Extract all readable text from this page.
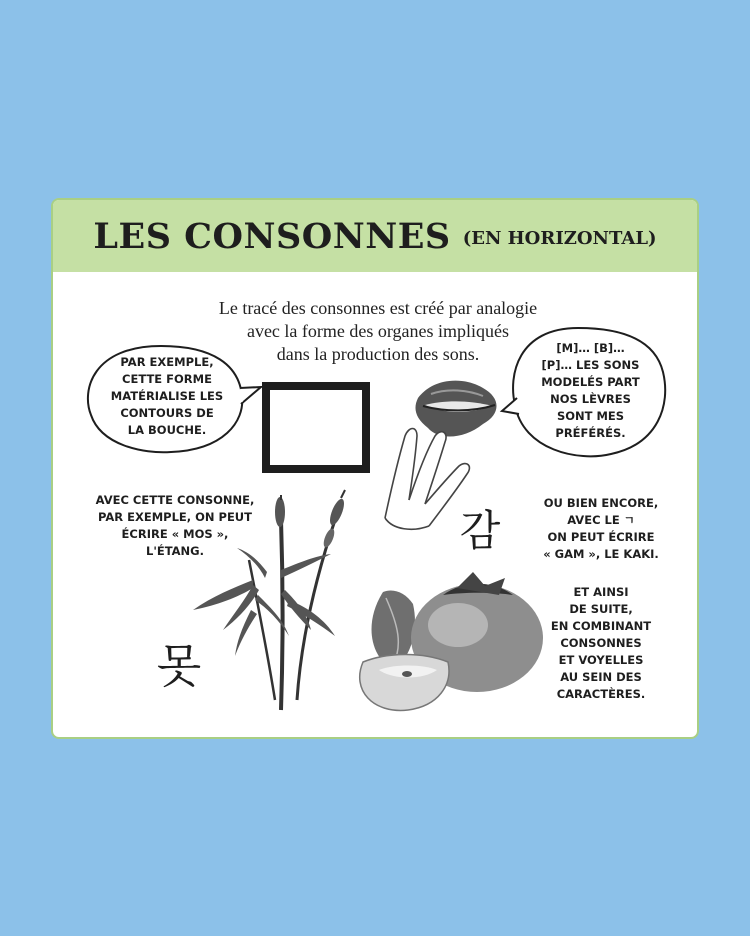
LES CONSONNES (EN HORIZONTAL)
Le tracé des consonnes est créé par analogie
avec la forme des organes impliqués
dans la production des sons.
감
못
PAR EXEMPLE,
CETTE FORME
MATÉRIALISE LES
CONTOURS DE
LA BOUCHE.
[M]… [B]…
[P]… LES SONS
MODELÉS PART
NOS LÈVRES
SONT MES
PRÉFÉRÉS.
AVEC CETTE CONSONNE,
PAR EXEMPLE, ON PEUT
ÉCRIRE « MOS »,
L'ÉTANG.
OU BIEN ENCORE,
AVEC LE ㄱ
ON PEUT ÉCRIRE
« GAM », LE KAKI.
ET AINSI
DE SUITE,
EN COMBINANT
CONSONNES
ET VOYELLES
AU SEIN DES
CARACTÈRES.
